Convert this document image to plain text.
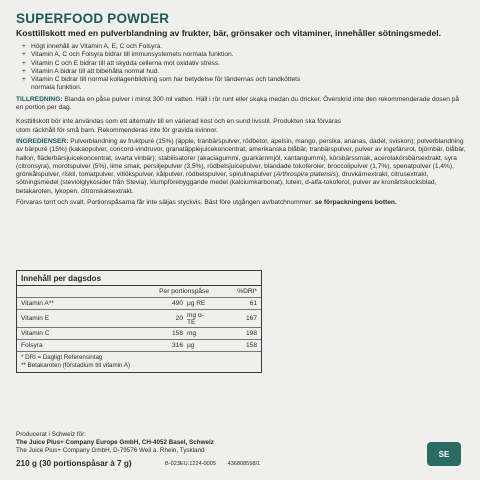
SUPERFOOD POWDER
Kosttillskott med en pulverblandning av frukter, bär, grönsaker och vitaminer, innehåller sötningsmedel.
+ Högt innehåll av Vitamin A, E, C och Folsyra.
+ Vitamin A, C och Folsyra bidrar till immunsystemets normala funktion.
+ Vitamin C och E bidrar till att skydda cellerna mot oxidativ stress.
+ Vitamin A bidrar till att bibehålla normal hud.
+ Vitamin C bidrar till normal kollagenbildning som har betydelse för tändernas och tandköttets normala funktion.
TILLREDNING: Blanda en påse pulver i minst 300 ml vatten. Häll i rör runt eller skaka medan du dricker. Överskrid inte den rekommenderade dosen på en portion per dag.
Kosttillskott bör inte användas som ett alternativ till en varierad kost och en sund livsstil. Produkten ska förvaras utom räckhåll för små barn. Rekommenderas inte för gravida kvinnor.
INGREDIENSER: Pulverblandning av fruktpuré (15%) (äpple, tranbärspulver, rödbetor, apelsin, mango, persika, ananas, dadel, sviskon); pulverblandning av bärpuré (15%) (kakaopulver, concord-vindruvor, granatäpplejuicekoncentrat, amerikanska blåbär, tranbärspulver, pulver av ingefärsrot, björnbär, blåbär, hallon, fläderbärsjuicekoncentrat, svarta vinbär); stabilisatorer (akaciagummi, guarkärnmjöl, xantangummi), körsbärssmak, acerolakörsbärsextrakt, syra (citronsyra), morotspulver (5%), lime smak, persiljepulver (3,5%), rödbetsjuicepulver, blandade tokoferoler, broccolipulver (1,7%), spenatpulver (1,4%), grönkålspulver, riskli, tomatpulver, vitlökspulver, kålpulver, rödbetspulver, spirulinapulver (Arthrospira platensis), druvkärnextrakt, citrusextrakt, sötningsmedel (steviolglykosider från Stevia), klumpförebyggande medel (kalciumkarbonat), lutein, d-alfa-tokoferol, pulver av kronärtskocksblad, betakaroten, lykopen, citronskalsextrakt.
Förvaras torrt och svalt. Portionspåsarna får inte säljas styckvis. Bäst före utgången av/batchnummer: se förpackningens botten.
Innehåll per dagsdos
	Per portionspåse		%DRI*
Vitamin A**	490	µg RE	61
Vitamin E	20	mg α-TE	167
Vitamin C	158	mg	198
Folsyra	316	µg	158
* DRI = Dagligt Referensintag
** Betakaroten (förstadium till vitamin A)
Producerat i Schweiz för:
The Juice Plus+ Company Europe GmbH, CH-4052 Basel, Schweiz
The Juice Plus+ Company GmbH, D-79576 Weil a. Rhein, Tyskland
210 g (30 portionspåsar à 7 g)	B-023EU.1224-0005 436808598/1
SE
